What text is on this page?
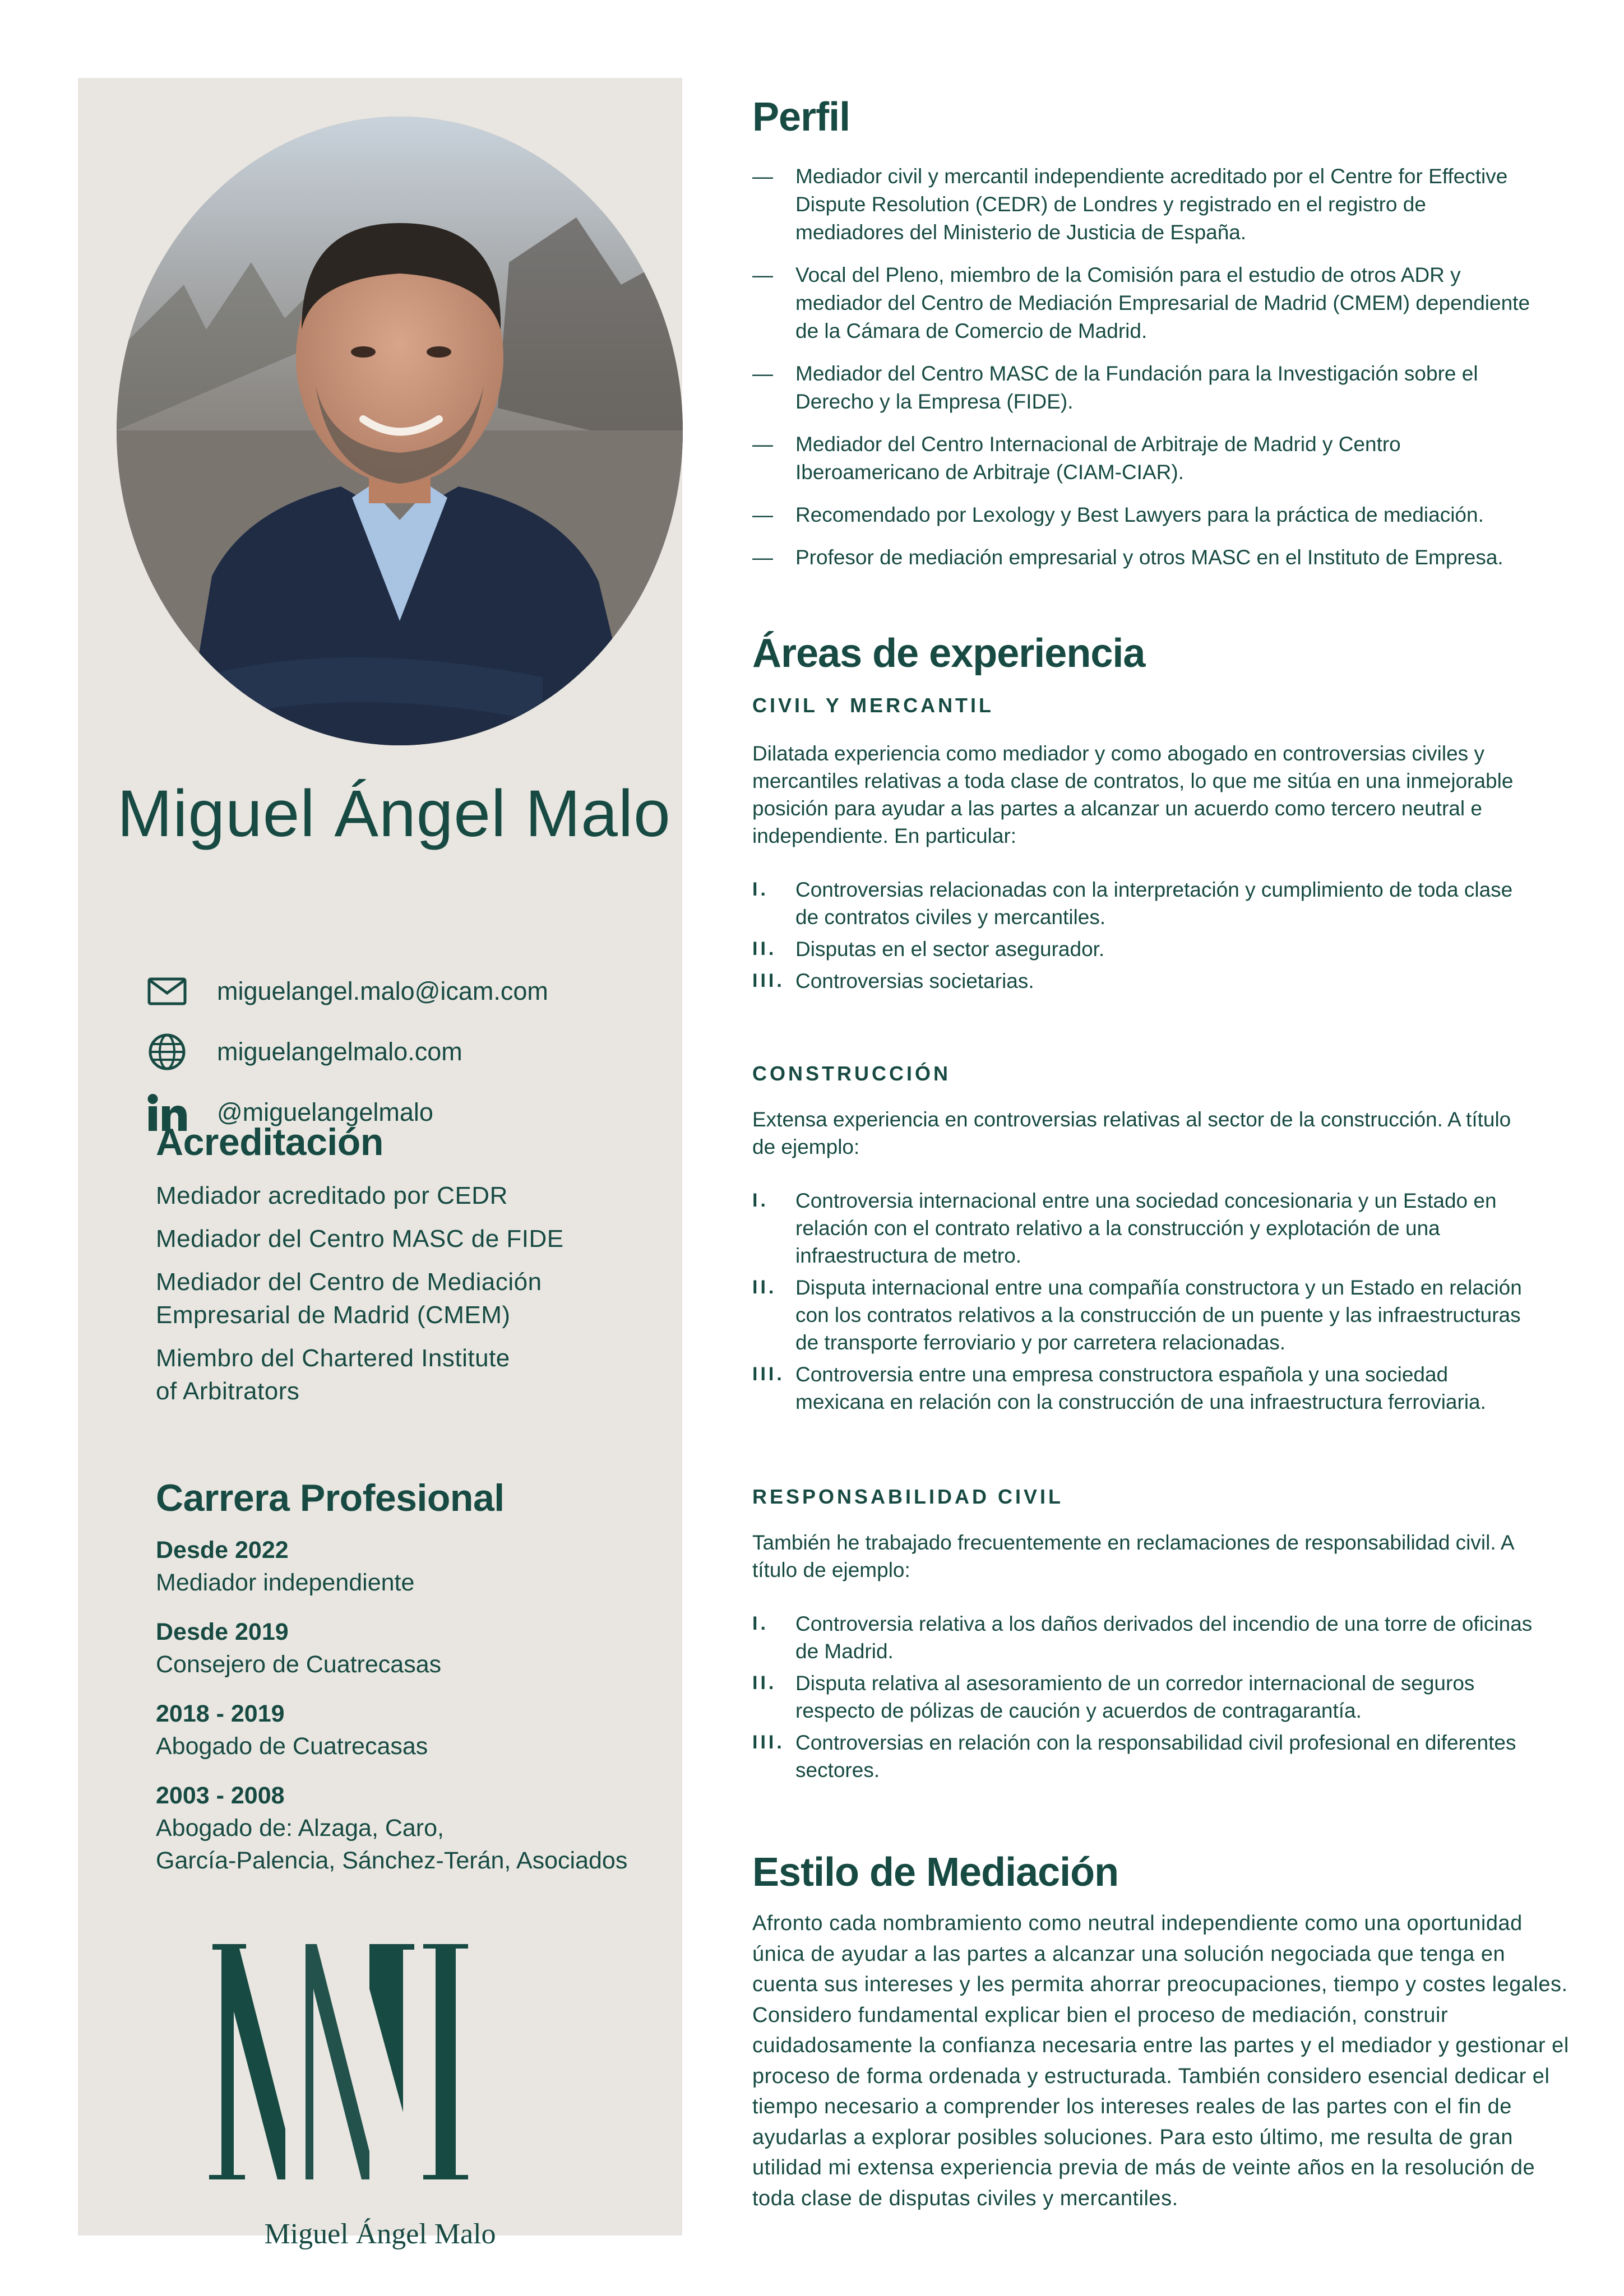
Miguel Ángel Malo
miguelangel.malo@icam.com
miguelangelmalo.com
@miguelangelmalo
Acreditación
Mediador acreditado por CEDR
Mediador del Centro MASC de FIDE
Mediador del Centro de Mediación
Empresarial de Madrid (CMEM)
Miembro del Chartered Institute
of Arbitrators
Carrera Profesional
Desde 2022
Mediador independiente
Desde 2019
Consejero de Cuatrecasas
2018 - 2019
Abogado de Cuatrecasas
2003 - 2008
Abogado de: Alzaga, Caro,
García-Palencia, Sánchez-Terán, Asociados
Miguel Ángel Malo
Perfil
—	Mediador civil y mercantil independiente acreditado por el Centre for Effective Dispute Resolution (CEDR) de Londres y registrado en el registro de mediadores del Ministerio de Justicia de España.
—	Vocal del Pleno, miembro de la Comisión para el estudio de otros ADR y mediador del Centro de Mediación Empresarial de Madrid (CMEM) dependiente de la Cámara de Comercio de Madrid.
—	Mediador del Centro MASC de la Fundación para la Investigación sobre el Derecho y la Empresa (FIDE).
—	Mediador del Centro Internacional de Arbitraje de Madrid y Centro Iberoamericano de Arbitraje (CIAM-CIAR).
—	Recomendado por Lexology y Best Lawyers para la práctica de mediación.
—	Profesor de mediación empresarial y otros MASC en el Instituto de Empresa.
Áreas de experiencia
CIVIL Y MERCANTIL
Dilatada experiencia como mediador y como abogado en controversias civiles y mercantiles relativas a toda clase de contratos, lo que me sitúa en una inmejorable posición para ayudar a las partes a alcanzar un acuerdo como tercero neutral e independiente. En particular:
I.	Controversias relacionadas con la interpretación y cumplimiento de toda clase de contratos civiles y mercantiles.
II. Disputas en el sector asegurador.
III. Controversias societarias.
CONSTRUCCIÓN
Extensa experiencia en controversias relativas al sector de la construcción. A título de ejemplo:
I.	Controversia internacional entre una sociedad concesionaria y un Estado en relación con el contrato relativo a la construcción y explotación de una infraestructura de metro.
II. Disputa internacional entre una compañía constructora y un Estado en relación con los contratos relativos a la construcción de un puente y las infraestructuras de transporte ferroviario y por carretera relacionadas.
III. Controversia entre una empresa constructora española y una sociedad mexicana en relación con la construcción de una infraestructura ferroviaria.
RESPONSABILIDAD CIVIL
También he trabajado frecuentemente en reclamaciones de responsabilidad civil. A título de ejemplo:
I.	Controversia relativa a los daños derivados del incendio de una torre de oficinas de Madrid.
II. Disputa relativa al asesoramiento de un corredor internacional de seguros respecto de pólizas de caución y acuerdos de contragarantía.
III. Controversias en relación con la responsabilidad civil profesional en diferentes sectores.
Estilo de Mediación
Afronto cada nombramiento como neutral independiente como una oportunidad única de ayudar a las partes a alcanzar una solución negociada que tenga en cuenta sus intereses y les permita ahorrar preocupaciones, tiempo y costes legales. Considero fundamental explicar bien el proceso de mediación, construir cuidadosamente la confianza necesaria entre las partes y el mediador y gestionar el proceso de forma ordenada y estructurada. También considero esencial dedicar el tiempo necesario a comprender los intereses reales de las partes con el fin de ayudarlas a explorar posibles soluciones. Para esto último, me resulta de gran utilidad mi extensa experiencia previa de más de veinte años en la resolución de toda clase de disputas civiles y mercantiles.
